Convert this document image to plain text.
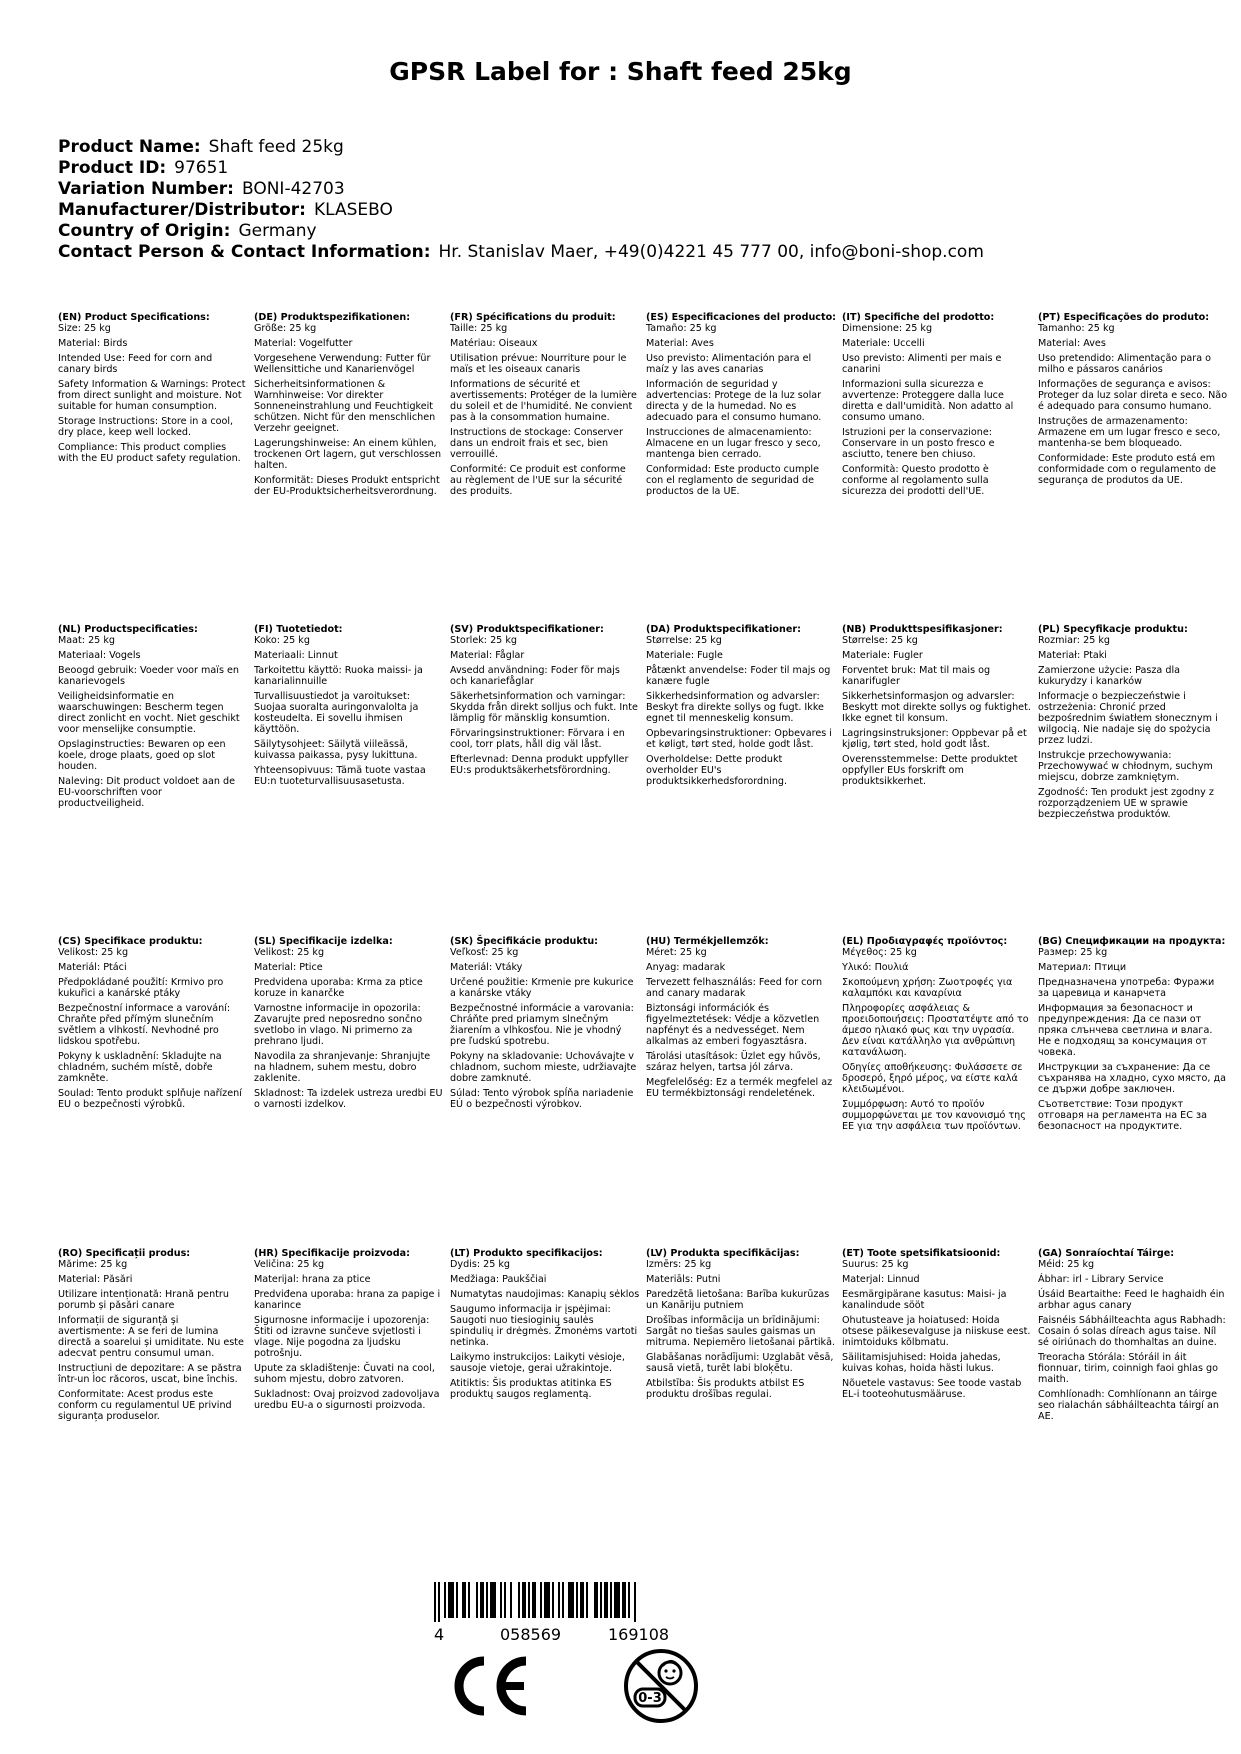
GPSR Label for : Shaft feed 25kg
Product Name: Shaft feed 25kg
Product ID: 97651
Variation Number: BONI-42703
Manufacturer/Distributor: KLASEBO
Country of Origin: Germany
Contact Person & Contact Information: Hr. Stanislav Maer, +49(0)4221 45 777 00, info@boni-shop.com
(EN) Product Specifications:

Size: 25 kg

Material: Birds

Intended Use: Feed for corn and canary birds

Safety Information & Warnings: Protect from direct sunlight and moisture. Not suitable for human consumption.

Storage Instructions: Store in a cool, dry place, keep well locked.

Compliance: This product complies with the EU product safety regulation.

(DE) Produktspezifikationen:

Größe: 25 kg

Material: Vogelfutter

Vorgesehene Verwendung: Futter für Wellensittiche und Kanarienvögel

Sicherheitsinformationen & Warnhinweise: Vor direkter Sonneneinstrahlung und Feuchtigkeit schützen. Nicht für den menschlichen Verzehr geeignet.

Lagerungshinweise: An einem kühlen, trockenen Ort lagern, gut verschlossen halten.

Konformität: Dieses Produkt entspricht der EU-Produktsicherheitsverordnung.

(FR) Spécifications du produit:

Taille: 25 kg

Matériau: Oiseaux

Utilisation prévue: Nourriture pour le maïs et les oiseaux canaris

Informations de sécurité et avertissements: Protéger de la lumière du soleil et de l'humidité. Ne convient pas à la consommation humaine.

Instructions de stockage: Conserver dans un endroit frais et sec, bien verrouillé.

Conformité: Ce produit est conforme au règlement de l'UE sur la sécurité des produits.

(ES) Especificaciones del producto:

Tamaño: 25 kg

Material: Aves

Uso previsto: Alimentación para el maíz y las aves canarias

Información de seguridad y advertencias: Protege de la luz solar directa y de la humedad. No es adecuado para el consumo humano.

Instrucciones de almacenamiento: Almacene en un lugar fresco y seco, mantenga bien cerrado.

Conformidad: Este producto cumple con el reglamento de seguridad de productos de la UE.

(IT) Specifiche del prodotto:

Dimensione: 25 kg

Materiale: Uccelli

Uso previsto: Alimenti per mais e canarini

Informazioni sulla sicurezza e avvertenze: Proteggere dalla luce diretta e dall'umidità. Non adatto al consumo umano.

Istruzioni per la conservazione: Conservare in un posto fresco e asciutto, tenere ben chiuso.

Conformità: Questo prodotto è conforme al regolamento sulla sicurezza dei prodotti dell'UE.

(PT) Especificações do produto:

Tamanho: 25 kg

Material: Aves

Uso pretendido: Alimentação para o milho e pássaros canários

Informações de segurança e avisos: Proteger da luz solar direta e seco. Não é adequado para consumo humano.

Instruções de armazenamento: Armazene em um lugar fresco e seco, mantenha-se bem bloqueado.

Conformidade: Este produto está em conformidade com o regulamento de segurança de produtos da UE.

(NL) Productspecificaties:

Maat: 25 kg

Materiaal: Vogels

Beoogd gebruik: Voeder voor maïs en kanarievogels

Veiligheidsinformatie en waarschuwingen: Bescherm tegen direct zonlicht en vocht. Niet geschikt voor menselijke consumptie.

Opslaginstructies: Bewaren op een koele, droge plaats, goed op slot houden.

Naleving: Dit product voldoet aan de EU-voorschriften voor productveiligheid.

(FI) Tuotetiedot:

Koko: 25 kg

Materiaali: Linnut

Tarkoitettu käyttö: Ruoka maissi- ja kanarialinnuille

Turvallisuustiedot ja varoitukset: Suojaa suoralta auringonvalolta ja kosteudelta. Ei sovellu ihmisen käyttöön.

Säilytysohjeet: Säilytä viileässä, kuivassa paikassa, pysy lukittuna.

Yhteensopivuus: Tämä tuote vastaa EU:n tuoteturvallisuusasetusta.

(SV) Produktspecifikationer:

Storlek: 25 kg

Material: Fåglar

Avsedd användning: Foder för majs och kanariefåglar

Säkerhetsinformation och varningar: Skydda från direkt solljus och fukt. Inte lämplig för mänsklig konsumtion.

Förvaringsinstruktioner: Förvara i en cool, torr plats, håll dig väl låst.

Efterlevnad: Denna produkt uppfyller EU:s produktsäkerhetsförordning.

(DA) Produktspecifikationer:

Størrelse: 25 kg

Materiale: Fugle

Påtænkt anvendelse: Foder til majs og kanære fugle

Sikkerhedsinformation og advarsler: Beskyt fra direkte sollys og fugt. Ikke egnet til menneskelig konsum.

Opbevaringsinstruktioner: Opbevares i et køligt, tørt sted, holde godt låst.

Overholdelse: Dette produkt overholder EU's produktsikkerhedsforordning.

(NB) Produkttspesifikasjoner:

Størrelse: 25 kg

Materiale: Fugler

Forventet bruk: Mat til mais og kanarifugler

Sikkerhetsinformasjon og advarsler: Beskytt mot direkte sollys og fuktighet. Ikke egnet til konsum.

Lagringsinstruksjoner: Oppbevar på et kjølig, tørt sted, hold godt låst.

Overensstemmelse: Dette produktet oppfyller EUs forskrift om produktsikkerhet.

(PL) Specyfikacje produktu:

Rozmiar: 25 kg

Materiał: Ptaki

Zamierzone użycie: Pasza dla kukurydzy i kanarków

Informacje o bezpieczeństwie i ostrzeżenia: Chronić przed bezpośrednim światłem słonecznym i wilgocią. Nie nadaje się do spożycia przez ludzi.

Instrukcje przechowywania: Przechowywać w chłodnym, suchym miejscu, dobrze zamkniętym.

Zgodność: Ten produkt jest zgodny z rozporządzeniem UE w sprawie bezpieczeństwa produktów.

(CS) Specifikace produktu:

Velikost: 25 kg

Materiál: Ptáci

Předpokládané použití: Krmivo pro kukuřici a kanárské ptáky

Bezpečnostní informace a varování: Chraňte před přímým slunečním světlem a vlhkostí. Nevhodné pro lidskou spotřebu.

Pokyny k uskladnění: Skladujte na chladném, suchém místě, dobře zamkněte.

Soulad: Tento produkt splňuje nařízení EU o bezpečnosti výrobků.

(SL) Specifikacije izdelka:

Velikost: 25 kg

Material: Ptice

Predvidena uporaba: Krma za ptice koruze in kanarčke

Varnostne informacije in opozorila: Zavarujte pred neposredno sončno svetlobo in vlago. Ni primerno za prehrano ljudi.

Navodila za shranjevanje: Shranjujte na hladnem, suhem mestu, dobro zaklenite.

Skladnost: Ta izdelek ustreza uredbi EU o varnosti izdelkov.

(SK) Špecifikácie produktu:

Veľkosť: 25 kg

Materiál: Vtáky

Určené použitie: Krmenie pre kukurice a kanárske vtáky

Bezpečnostné informácie a varovania: Chráňte pred priamym slnečným žiarením a vlhkosťou. Nie je vhodný pre ľudskú spotrebu.

Pokyny na skladovanie: Uchovávajte v chladnom, suchom mieste, udržiavajte dobre zamknuté.

Súlad: Tento výrobok spĺňa nariadenie EÚ o bezpečnosti výrobkov.

(HU) Termékjellemzők:

Méret: 25 kg

Anyag: madarak

Tervezett felhasználás: Feed for corn and canary madarak

Biztonsági információk és figyelmeztetések: Védje a közvetlen napfényt és a nedvességet. Nem alkalmas az emberi fogyasztásra.

Tárolási utasítások: Üzlet egy hűvös, száraz helyen, tartsa jól zárva.

Megfelelőség: Ez a termék megfelel az EU termékbiztonsági rendeletének.

(EL) Προδιαγραφές προϊόντος:

Μέγεθος: 25 kg

Υλικό: Πουλιά

Σκοπούμενη χρήση: Ζωοτροφές για καλαμπόκι και καναρίνια

Πληροφορίες ασφάλειας & προειδοποιήσεις: Προστατέψτε από το άμεσο ηλιακό φως και την υγρασία. Δεν είναι κατάλληλο για ανθρώπινη κατανάλωση.

Οδηγίες αποθήκευσης: Φυλάσσετε σε δροσερό, ξηρό μέρος, να είστε καλά κλειδωμένοι.

Συμμόρφωση: Αυτό το προϊόν συμμορφώνεται με τον κανονισμό της ΕΕ για την ασφάλεια των προϊόντων.

(BG) Спецификации на продукта:

Размер: 25 kg

Материал: Птици

Предназначена употреба: Фуражи за царевица и канарчета

Информация за безопасност и предупреждения: Да се пази от пряка слънчева светлина и влага. Не е подходящ за консумация от човека.

Инструкции за съхранение: Да се съхранява на хладно, сухо място, да се държи добре заключен.

Съответствие: Този продукт отговаря на регламента на ЕС за безопасност на продуктите.

(RO) Specificații produs:

Mărime: 25 kg

Material: Păsări

Utilizare intenționată: Hrană pentru porumb și păsări canare

Informații de siguranță și avertismente: A se feri de lumina directă a soarelui și umiditate. Nu este adecvat pentru consumul uman.

Instrucțiuni de depozitare: A se păstra într-un loc răcoros, uscat, bine închis.

Conformitate: Acest produs este conform cu regulamentul UE privind siguranța produselor.

(HR) Specifikacije proizvoda:

Veličina: 25 kg

Materijal: hrana za ptice

Predviđena uporaba: hrana za papige i kanarince

Sigurnosne informacije i upozorenja: Štiti od izravne sunčeve svjetlosti i vlage. Nije pogodna za ljudsku potrošnju.

Upute za skladištenje: Čuvati na cool, suhom mjestu, dobro zatvoren.

Sukladnost: Ovaj proizvod zadovoljava uredbu EU-a o sigurnosti proizvoda.

(LT) Produkto specifikacijos:

Dydis: 25 kg

Medžiaga: Paukščiai

Numatytas naudojimas: Kanapių sėklos

Saugumo informacija ir įspėjimai: Saugoti nuo tiesioginių saulės spindulių ir drėgmės. Žmonėms vartoti netinka.

Laikymo instrukcijos: Laikyti vėsioje, sausoje vietoje, gerai užrakintoje.

Atitiktis: Šis produktas atitinka ES produktų saugos reglamentą.

(LV) Produkta specifikācijas:

Izmērs: 25 kg

Materiāls: Putni

Paredzētā lietošana: Barība kukurūzas un Kanāriju putniem

Drošības informācija un brīdinājumi: Sargāt no tiešas saules gaismas un mitruma. Nepiemēro lietošanai pārtikā.

Glabāšanas norādījumi: Uzglabāt vēsā, sausā vietā, turēt labi bloķētu.

Atbilstība: Šis produkts atbilst ES produktu drošības regulai.

(ET) Toote spetsifikatsioonid:

Suurus: 25 kg

Materjal: Linnud

Eesmärgipärane kasutus: Maisi- ja kanalindude sööt

Ohutusteave ja hoiatused: Hoida otsese päikesevalguse ja niiskuse eest. inimtoiduks kõlbmatu.

Säilitamisjuhised: Hoida jahedas, kuivas kohas, hoida hästi lukus.

Nõuetele vastavus: See toode vastab EL-i tooteohutusmääruse.

(GA) Sonraíochtaí Táirge:

Méid: 25 kg

Ábhar: irl - Library Service

Úsáid Beartaithe: Feed le haghaidh éin arbhar agus canary

Faisnéis Sábháilteachta agus Rabhadh: Cosain ó solas díreach agus taise. Níl sé oiriúnach do thomhaltas an duine.

Treoracha Stórála: Stóráil in áit fionnuar, tirim, coinnigh faoi ghlas go maith.

Comhlíonadh: Comhlíonann an táirge seo rialachán sábháilteachta táirgí an AE.

4	058569	169108
0-3
